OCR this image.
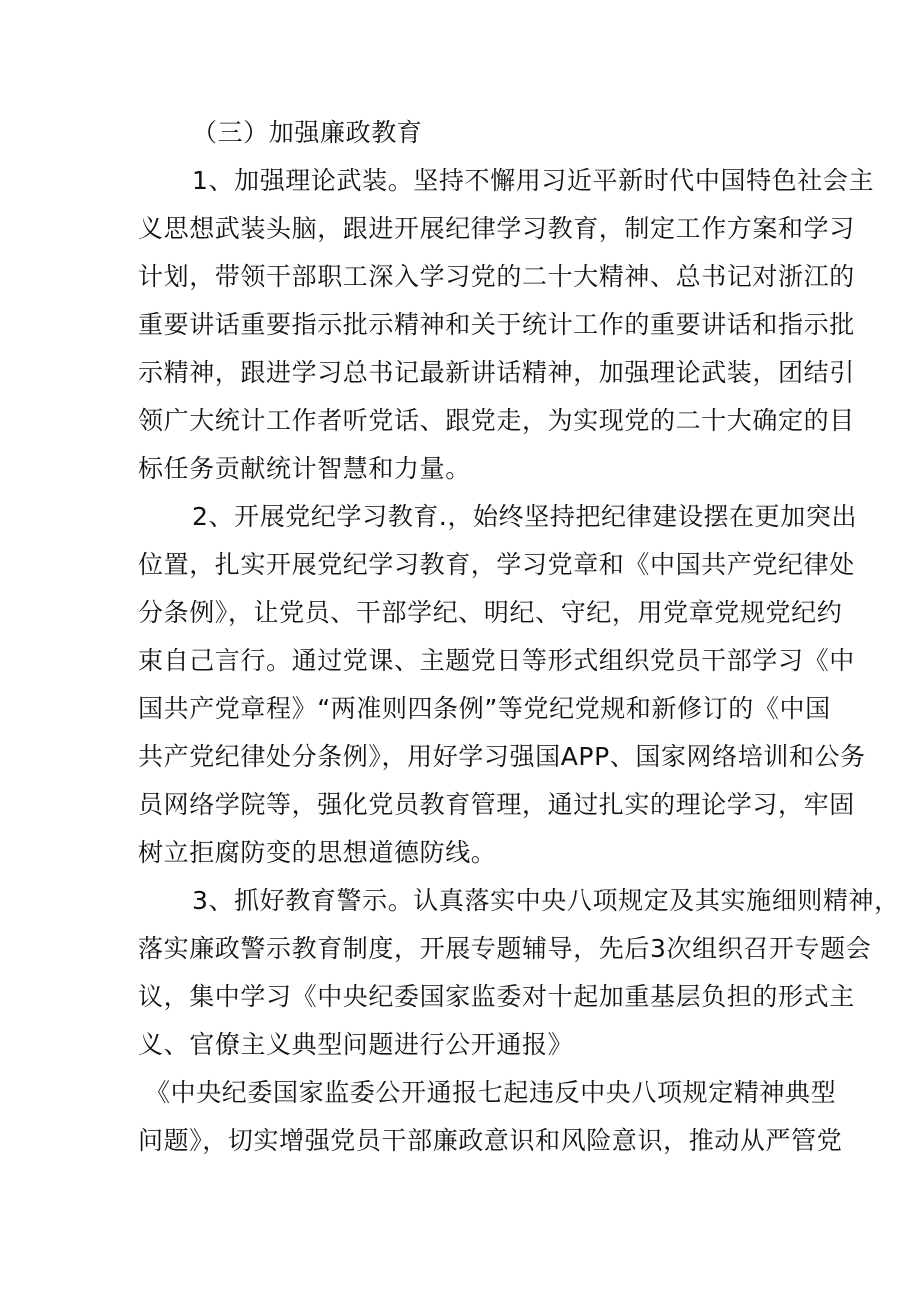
（三）加强廉政教育
1、加强理论武装。坚持不懈用习近平新时代中国特色社会主
义思想武装头脑，跟进开展纪律学习教育，制定工作方案和学习
计划，带领干部职工深入学习党的二十大精神、总书记对浙江的
重要讲话重要指示批示精神和关于统计工作的重要讲话和指示批
示精神，跟进学习总书记最新讲话精神，加强理论武装，团结引
领广大统计工作者听党话、跟党走，为实现党的二十大确定的目
标任务贡献统计智慧和力量。
2、开展党纪学习教育.，始终坚持把纪律建设摆在更加突出
位置，扎实开展党纪学习教育，学习党章和《中国共产党纪律处
分条例》，让党员、干部学纪、明纪、守纪，用党章党规党纪约
束自己言行。通过党课、主题党日等形式组织党员干部学习《中
国共产党章程》“两准则四条例”等党纪党规和新修订的《中国
共产党纪律处分条例》，用好学习强国APP、国家网络培训和公务
员网络学院等，强化党员教育管理，通过扎实的理论学习，牢固
树立拒腐防变的思想道德防线。
3、抓好教育警示。认真落实中央八项规定及其实施细则精神，
落实廉政警示教育制度，开展专题辅导，先后3次组织召开专题会
议，集中学习《中央纪委国家监委对十起加重基层负担的形式主
义、官僚主义典型问题进行公开通报》
《中央纪委国家监委公开通报七起违反中央八项规定精神典型
问题》，切实增强党员干部廉政意识和风险意识，推动从严管党
